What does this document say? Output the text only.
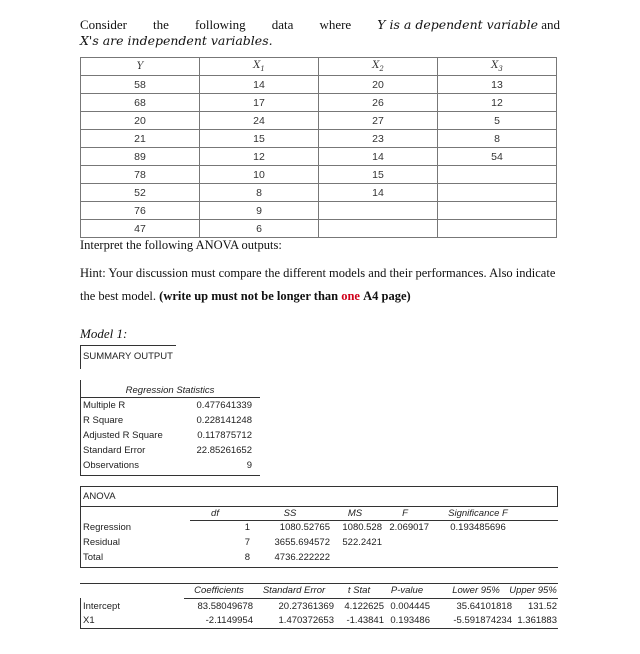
Consider the following data where Y is a dependent variable and
X's are independent variables.
Y	$X_1$	$X_2$	$X_3$
58	14	20	13
68	17	26	12
20	24	27	5
21	15	23	8
89	12	14	54
78	10	15	
52	8	14	
76	9		
47	6		
Interpret the following ANOVA outputs:
Hint: Your discussion must compare the different models and their performances. Also indicate the best model. (write up must not be longer than one A4 page)
Model 1:
SUMMARY OUTPUT
Regression Statistics
Multiple R	0.477641339
R Square	0.228141248
Adjusted R Square	0.117875712
Standard Error	22.85261652
Observations	9
ANOVA
df	SS	MS	F	Significance F
Regression	1	1080.52765	1080.528 2.069017	0.193485696
Residual	7	3655.694572	522.2421
Total	8	4736.222222
Coefficients	Standard Error	t Stat	P-value	Lower 95% Upper 95%
Intercept	83.58049678	20.27361369	4.122625 0.004445	35.64101818	131.52
X1	-2.1149954	1.470372653	-1.43841 0.193486	-5.591874234 1.361883
